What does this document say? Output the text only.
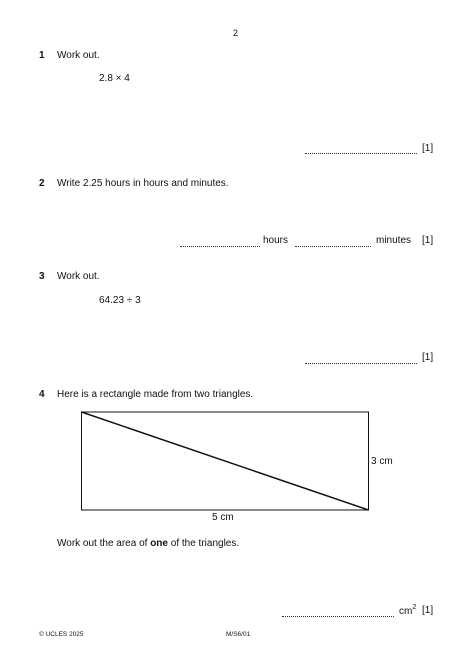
2
1 Work out.
2.8 × 4
[1]
2 Write 2.25 hours in hours and minutes.
hours	minutes [1]
3 Work out.
64.23 ÷ 3
[1]
4 Here is a rectangle made from two triangles.
3 cm
5 cm
Work out the area of one of the triangles.
$cm^2$ [1]
© UCLES 2025	M/S6/01
